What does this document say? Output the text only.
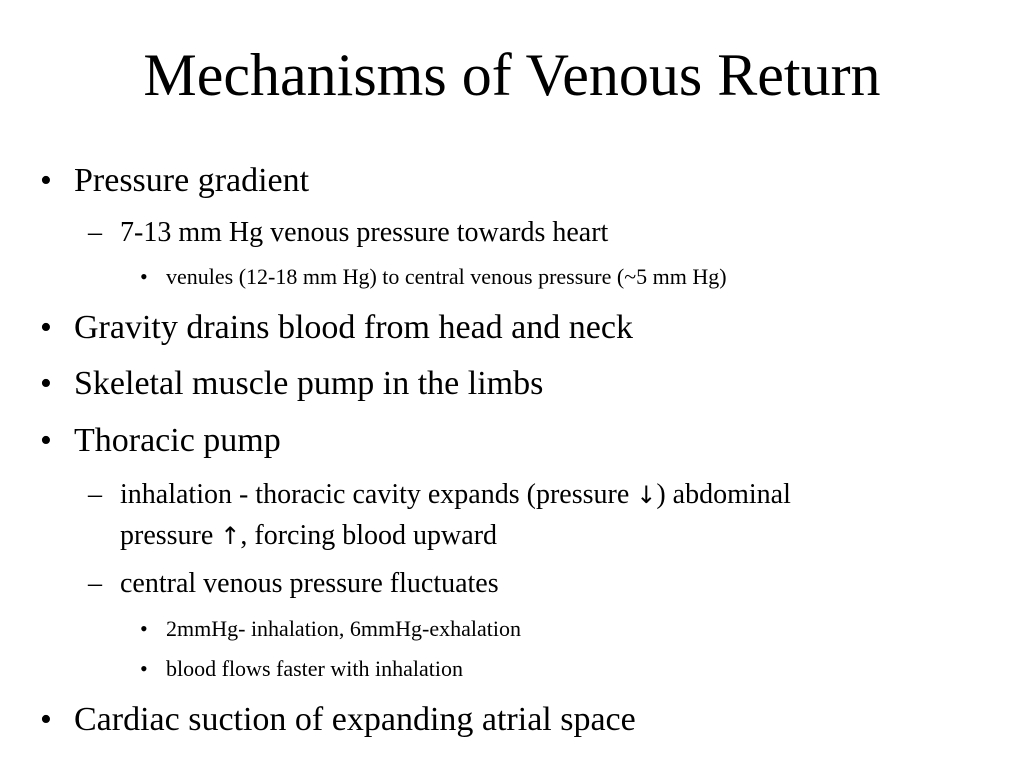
Mechanisms of Venous Return
• Pressure gradient
– 7-13 mm Hg venous pressure towards heart
• venules (12-18 mm Hg) to central venous pressure (~5 mm Hg)
• Gravity drains blood from head and neck
• Skeletal muscle pump in the limbs
• Thoracic pump
– inhalation - thoracic cavity expands (pressure ↓) abdominal
pressure ↑, forcing blood upward
– central venous pressure fluctuates
• 2mmHg- inhalation, 6mmHg-exhalation
• blood flows faster with inhalation
• Cardiac suction of expanding atrial space
